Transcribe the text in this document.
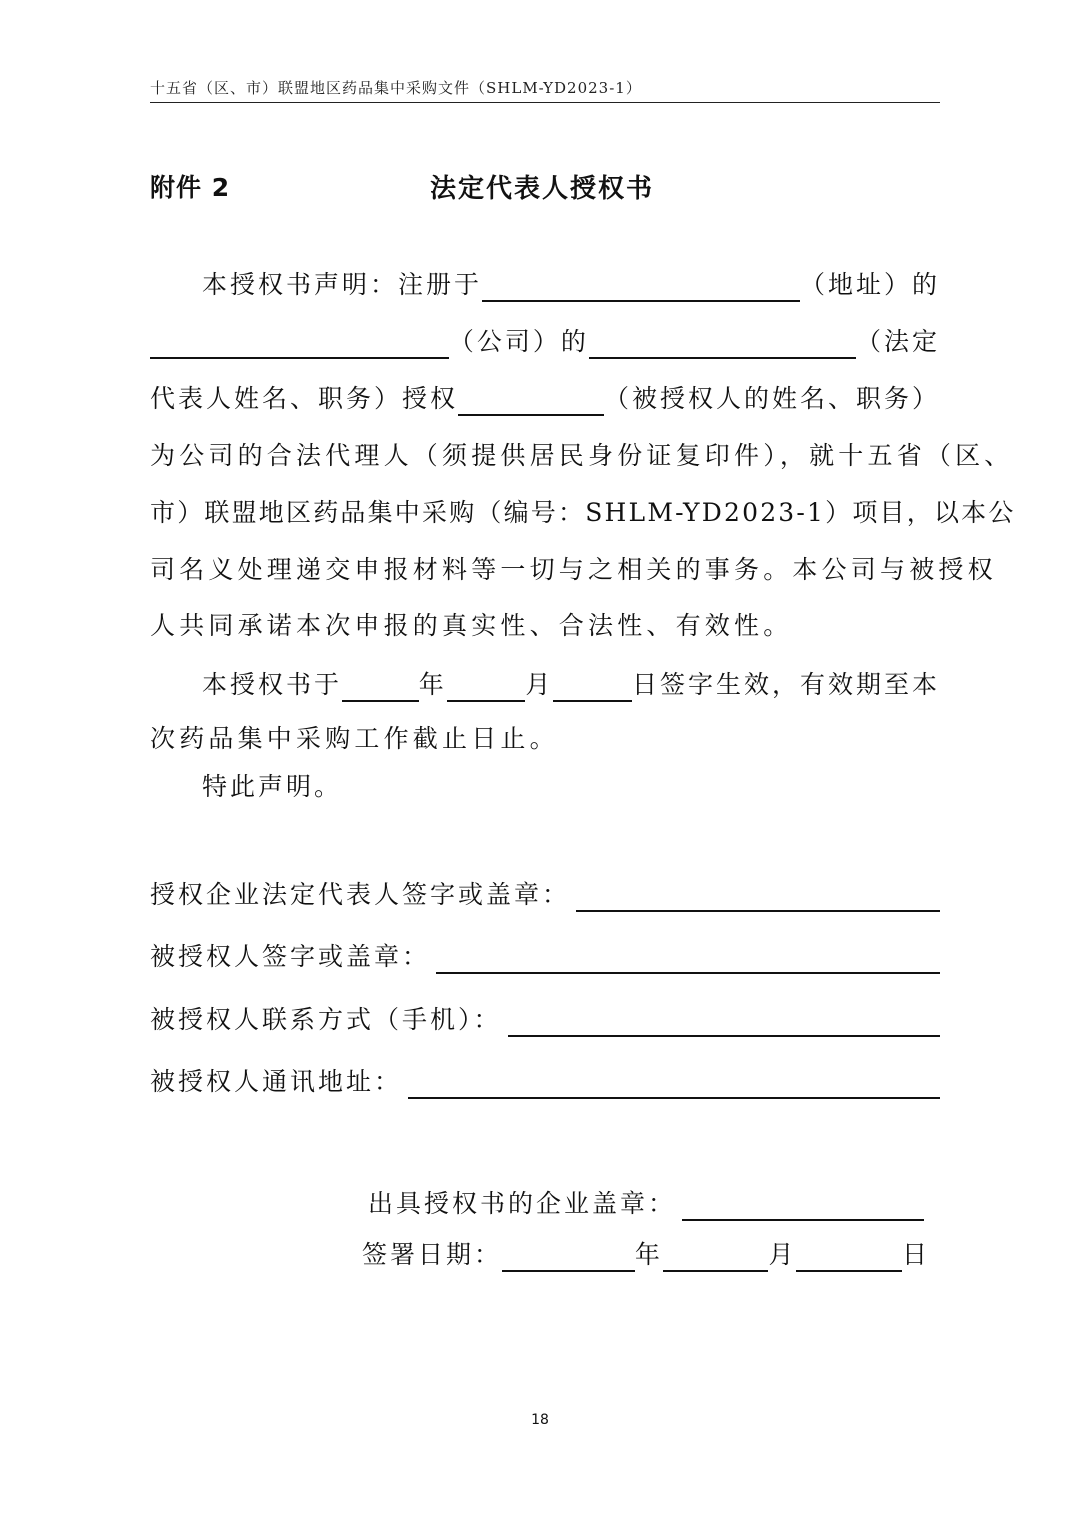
十五省（区、市）联盟地区药品集中采购文件（SHLM-YD2023-1）
附件 2	法定代表人授权书
本授权书声明：注册于	（地址）的
（公司）的	（法定
代表人姓名、职务）授权	（被授权人的姓名、职务）
为公司的合法代理人（须提供居民身份证复印件），就十五省（区、
市）联盟地区药品集中采购（编号：SHLM-YD2023-1）项目，以本公
司名义处理递交申报材料等一切与之相关的事务。本公司与被授权
人共同承诺本次申报的真实性、合法性、有效性。
本授权书于	年	月	日签字生效，有效期至本
次药品集中采购工作截止日止。
特此声明。
授权企业法定代表人签字或盖章：
被授权人签字或盖章：
被授权人联系方式（手机）：
被授权人通讯地址：
出具授权书的企业盖章：
签署日期：	年	月	日
18
